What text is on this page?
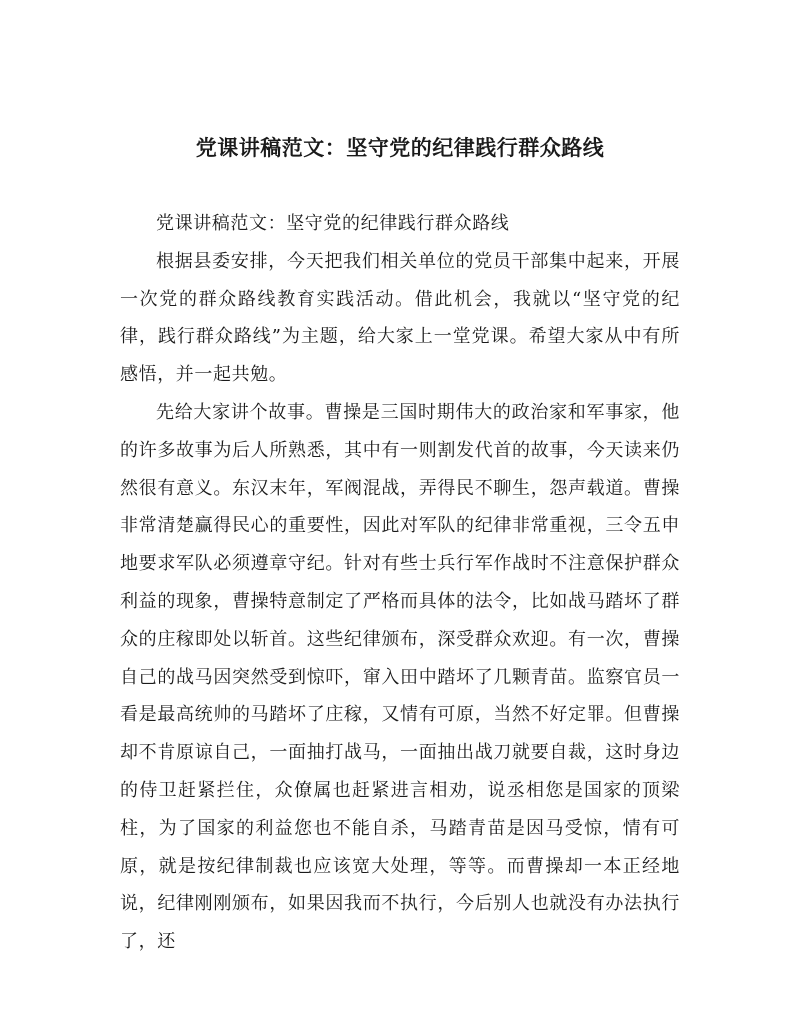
党课讲稿范文：坚守党的纪律践行群众路线

党课讲稿范文：坚守党的纪律践行群众路线

根据县委安排，今天把我们相关单位的党员干部集中起来，开展一次党的群众路线教育实践活动。借此机会，我就以“坚守党的纪律，践行群众路线”为主题，给大家上一堂党课。希望大家从中有所感悟，并一起共勉。

先给大家讲个故事。曹操是三国时期伟大的政治家和军事家，他的许多故事为后人所熟悉，其中有一则割发代首的故事，今天读来仍然很有意义。东汉末年，军阀混战，弄得民不聊生，怨声载道。曹操非常清楚赢得民心的重要性，因此对军队的纪律非常重视，三令五申地要求军队必须遵章守纪。针对有些士兵行军作战时不注意保护群众利益的现象，曹操特意制定了严格而具体的法令，比如战马踏坏了群众的庄稼即处以斩首。这些纪律颁布，深受群众欢迎。有一次，曹操自己的战马因突然受到惊吓，窜入田中踏坏了几颗青苗。监察官员一看是最高统帅的马踏坏了庄稼，又情有可原，当然不好定罪。但曹操却不肯原谅自己，一面抽打战马，一面抽出战刀就要自裁，这时身边的侍卫赶紧拦住，众僚属也赶紧进言相劝，说丞相您是国家的顶梁柱，为了国家的利益您也不能自杀，马踏青苗是因马受惊，情有可原，就是按纪律制裁也应该宽大处理，等等。而曹操却一本正经地说，纪律刚刚颁布，如果因我而不执行，今后别人也就没有办法执行了，还
